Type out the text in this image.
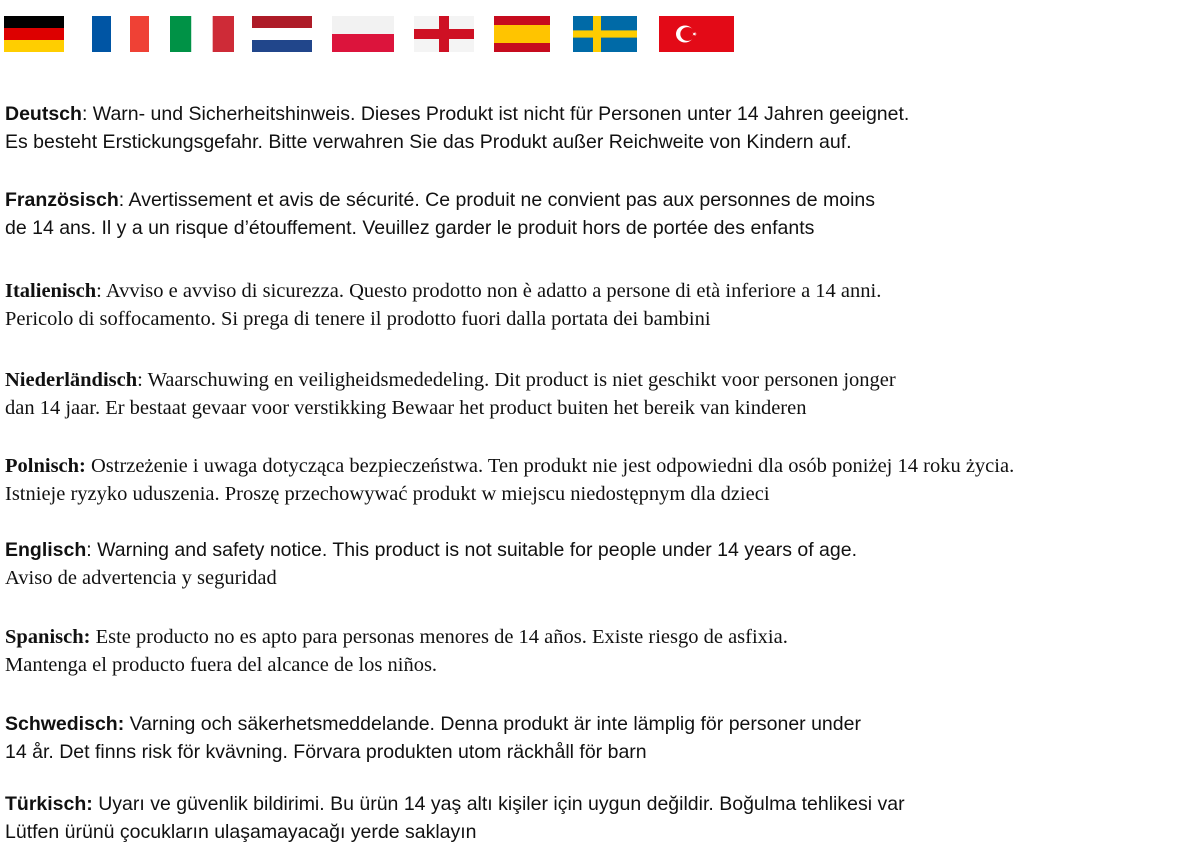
Deutsch: Warn- und Sicherheitshinweis. Dieses Produkt ist nicht für Personen unter 14 Jahren geeignet.
Es besteht Erstickungsgefahr. Bitte verwahren Sie das Produkt außer Reichweite von Kindern auf.
Französisch: Avertissement et avis de sécurité. Ce produit ne convient pas aux personnes de moins
de 14 ans. Il y a un risque d’étouffement. Veuillez garder le produit hors de portée des enfants
Italienisch: Avviso e avviso di sicurezza. Questo prodotto non è adatto a persone di età inferiore a 14 anni.
Pericolo di soffocamento. Si prega di tenere il prodotto fuori dalla portata dei bambini
Niederländisch: Waarschuwing en veiligheidsmededeling. Dit product is niet geschikt voor personen jonger
dan 14 jaar. Er bestaat gevaar voor verstikking Bewaar het product buiten het bereik van kinderen
Polnisch: Ostrzeżenie i uwaga dotycząca bezpieczeństwa. Ten produkt nie jest odpowiedni dla osób poniżej 14 roku życia.
Istnieje ryzyko uduszenia. Proszę przechowywać produkt w miejscu niedostępnym dla dzieci
Englisch: Warning and safety notice. This product is not suitable for people under 14 years of age.
Aviso de advertencia y seguridad
Spanisch: Este producto no es apto para personas menores de 14 años. Existe riesgo de asfixia.
Mantenga el producto fuera del alcance de los niños.
Schwedisch: Varning och säkerhetsmeddelande. Denna produkt är inte lämplig för personer under
14 år. Det finns risk för kvävning. Förvara produkten utom räckhåll för barn
Türkisch: Uyarı ve güvenlik bildirimi. Bu ürün 14 yaş altı kişiler için uygun değildir. Boğulma tehlikesi var
Lütfen ürünü çocukların ulaşamayacağı yerde saklayın
